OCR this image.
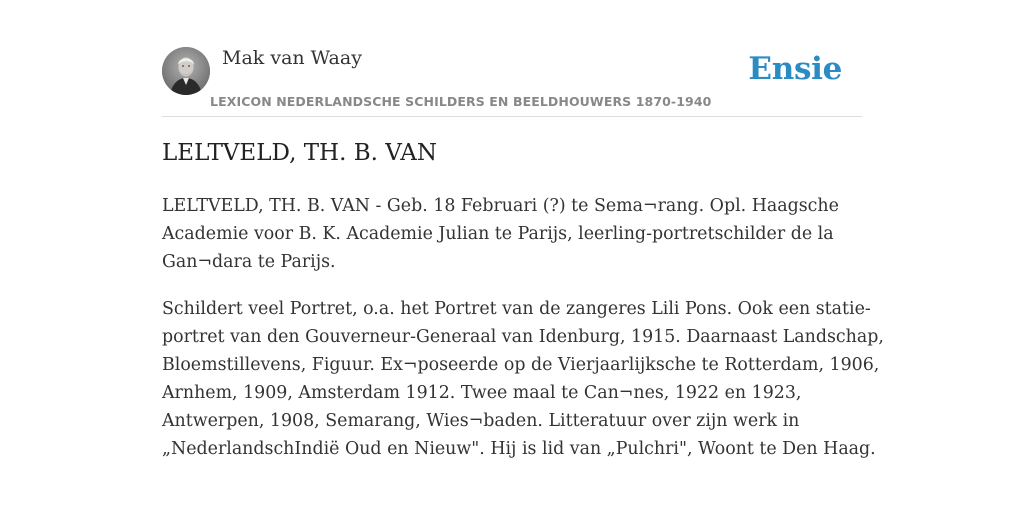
Mak van Waay
LEXICON NEDERLANDSCHE SCHILDERS EN BEELDHOUWERS 1870-1940
Ensie
LELTVELD, TH. B. VAN

LELTVELD, TH. B. VAN - Geb. 18 Februari (?) te Sema¬rang. Opl. Haagsche
Academie voor B. K. Academie Julian te Parijs, leerling-portretschilder de la
Gan¬dara te Parijs.

Schildert veel Portret, o.a. het Portret van de zangeres Lili Pons. Ook een statie-
portret van den Gouverneur-Generaal van Idenburg, 1915. Daarnaast Landschap,
Bloemstillevens, Figuur. Ex¬poseerde op de Vierjaarlijksche te Rotterdam, 1906,
Arnhem, 1909, Amsterdam 1912. Twee maal te Can¬nes, 1922 en 1923,
Antwerpen, 1908, Semarang, Wies¬baden. Litteratuur over zijn werk in
„NederlandschIndië Oud en Nieuw". Hij is lid van „Pulchri", Woont te Den Haag.
